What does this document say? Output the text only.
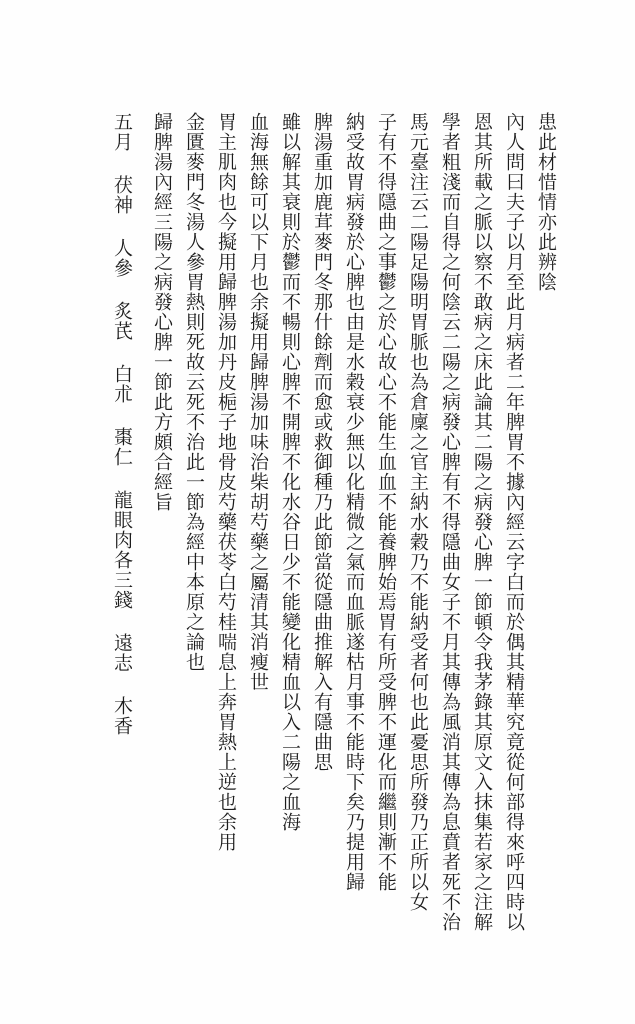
患此材惜情亦此辨陰
內人問曰夫子以月至此月病者二年脾胃不據內經云字白而於偶其精華究竟從何部得來呼四時以
恩其所載之脈以察不敢病之床此論其二陽之病發心脾一節頓令我茅錄其原文入抹集若家之注解
學者粗淺而自得之何陰云二陽之病發心脾有不得隱曲女子不月其傳為風消其傳為息賁者死不治
馬元臺注云二陽足陽明胃脈也為倉廩之官主納水穀乃不能納受者何也此憂思所發乃正所以女
子有不得隱曲之事鬱之於心故心不能生血血不能養脾始焉胃有所受脾不運化而繼則漸不能
納受故胃病發於心脾也由是水穀衰少無以化精微之氣而血脈遂枯月事不能時下矣乃提用歸
脾湯重加鹿茸麥門冬那什餘劑而愈或救御種乃此節當從隱曲推解入有隱曲思
雖以解其衰則於鬱而不暢則心脾不開脾不化水谷日少不能變化精血以入二陽之血海
血海無餘可以下月也余擬用歸脾湯加味治柴胡芍藥之屬清其消瘦世
胃主肌肉也今擬用歸脾湯加丹皮梔子地骨皮芍藥茯苓白芍桂喘息上奔胃熱上逆也余用
金匱麥門冬湯人參胃熱則死故云死不治此一節為經中本原之論也
歸脾湯內經三陽之病發心脾一節此方頗合經旨
五月 茯神 人參 炙芪 白朮 棗仁 龍眼肉各三錢 遠志 木香
